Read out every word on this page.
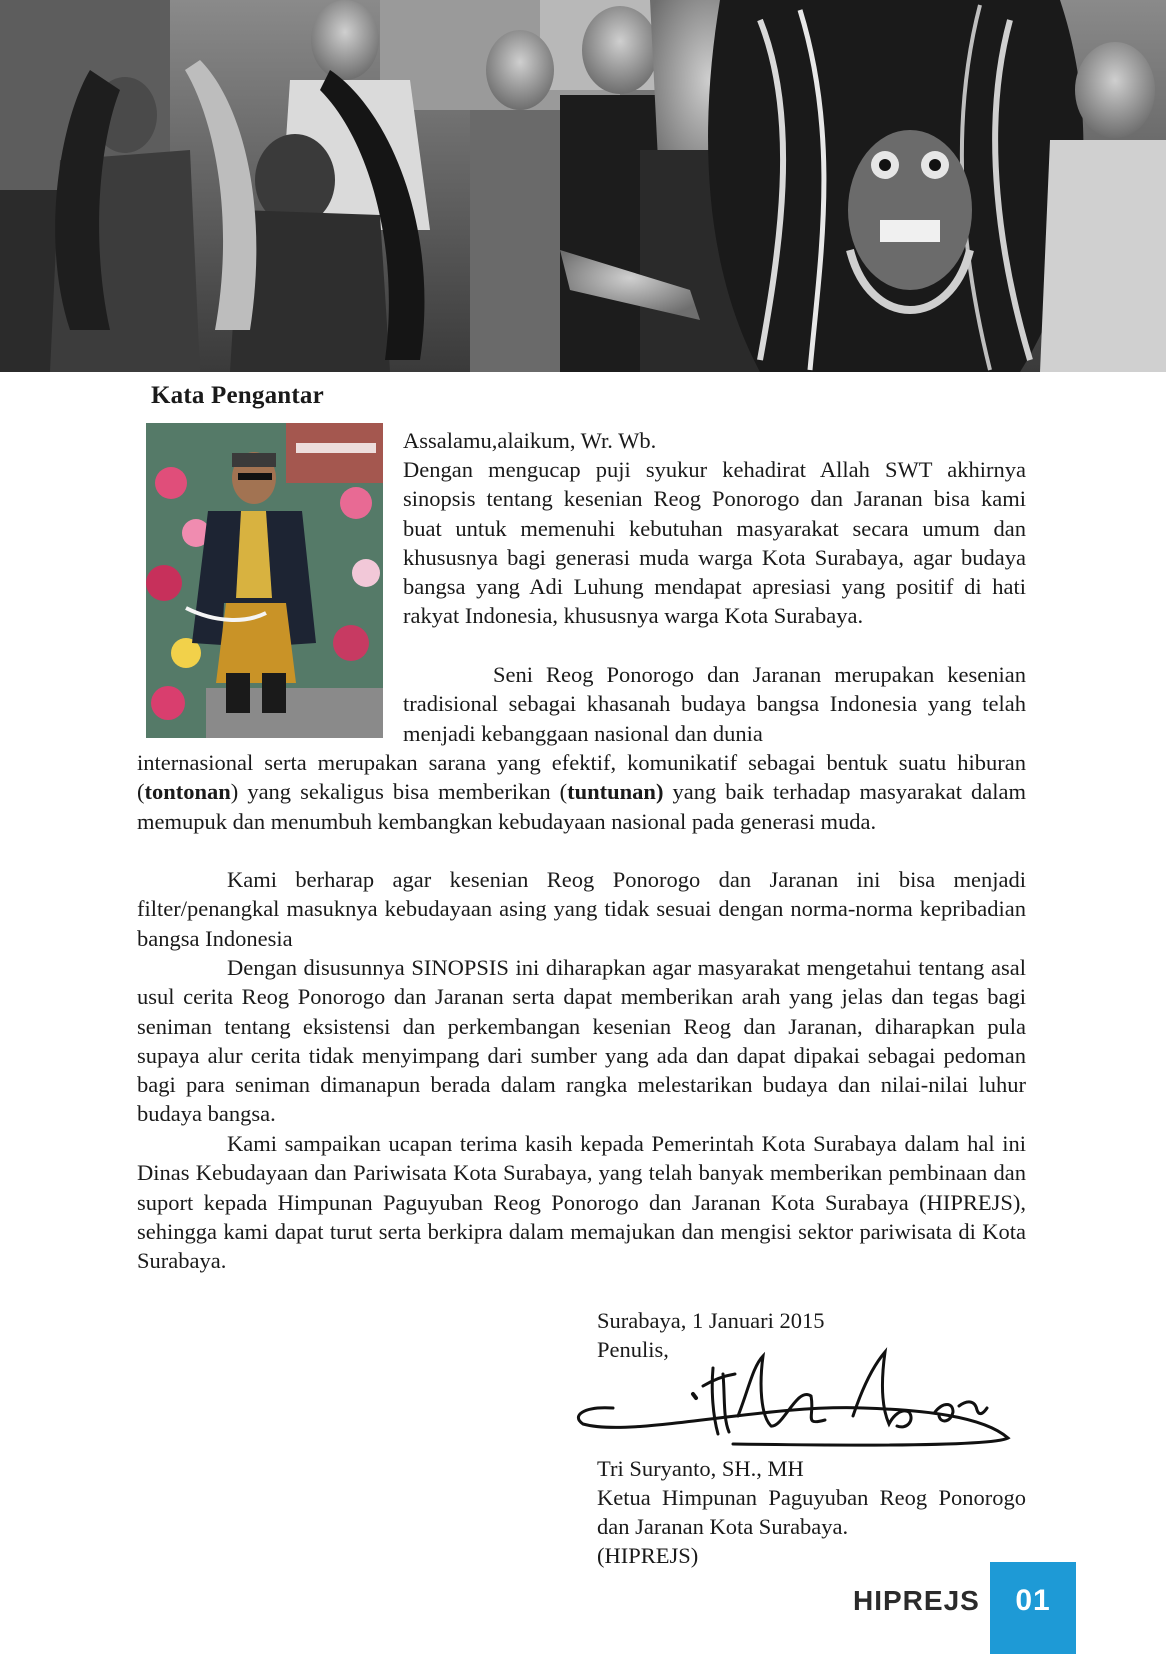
Kata Pengantar
Assalamu,alaikum, Wr. Wb.
Dengan mengucap puji syukur kehadirat Allah SWT akhirnya sinopsis tentang kesenian Reog Ponorogo dan Jaranan bisa kami buat untuk memenuhi kebutuhan masyarakat secara umum dan khususnya bagi generasi muda warga Kota Surabaya, agar budaya bangsa yang Adi Luhung mendapat apresiasi yang positif di hati rakyat Indonesia, khususnya warga Kota Surabaya.
Seni Reog Ponorogo dan Jaranan merupakan kesenian tradisional sebagai khasanah budaya bangsa Indonesia yang telah menjadi kebanggaan nasional dan dunia
internasional serta merupakan sarana yang efektif, komunikatif sebagai bentuk suatu hiburan (tontonan) yang sekaligus bisa memberikan (tuntunan) yang baik terhadap masyarakat dalam memupuk dan menumbuh kembangkan kebudayaan nasional pada generasi muda.
Kami berharap agar kesenian Reog Ponorogo dan Jaranan ini bisa menjadi filter/penangkal masuknya kebudayaan asing yang tidak sesuai dengan norma-norma kepribadian bangsa Indonesia
Dengan disusunnya SINOPSIS ini diharapkan agar masyarakat mengetahui tentang asal usul cerita Reog Ponorogo dan Jaranan serta dapat memberikan arah yang jelas dan tegas bagi seniman tentang eksistensi dan perkembangan kesenian Reog dan Jaranan, diharapkan pula supaya alur cerita tidak menyimpang dari sumber yang ada dan dapat dipakai sebagai pedoman bagi para seniman dimanapun berada dalam rangka melestarikan budaya dan nilai-nilai luhur budaya bangsa.
Kami sampaikan ucapan terima kasih kepada Pemerintah Kota Surabaya dalam hal ini Dinas Kebudayaan dan Pariwisata Kota Surabaya, yang telah banyak memberikan pembinaan dan suport kepada Himpunan Paguyuban Reog Ponorogo dan Jaranan Kota Surabaya (HIPREJS), sehingga kami dapat turut serta berkipra dalam memajukan dan mengisi sektor pariwisata di Kota Surabaya.
Surabaya, 1 Januari 2015
Penulis,
Tri Suryanto, SH., MH
Ketua Himpunan Paguyuban Reog Ponorogo dan Jaranan Kota Surabaya.
(HIPREJS)
HIPREJS	01
